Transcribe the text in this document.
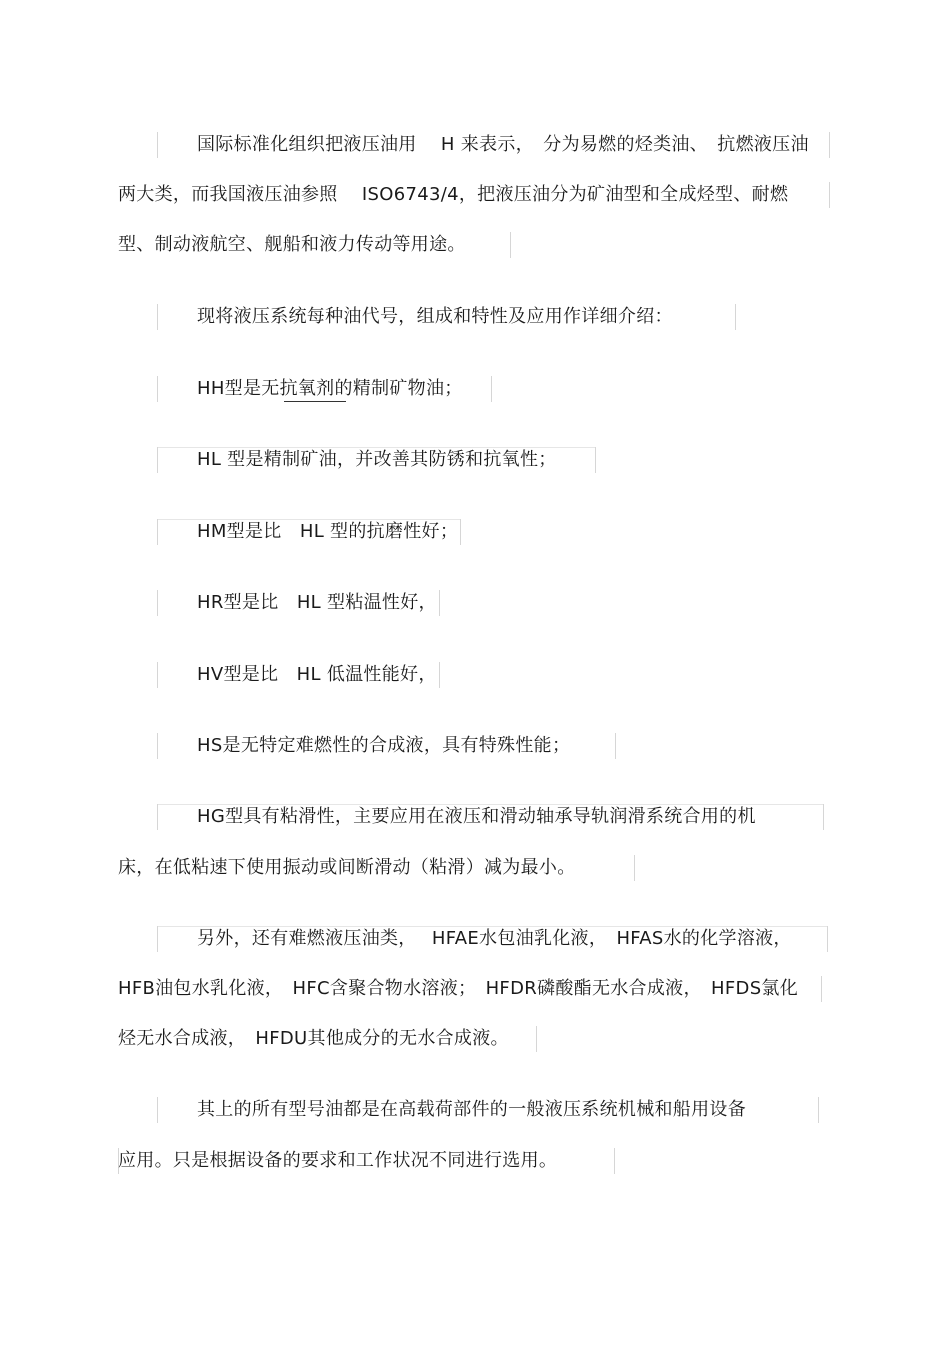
国际标准化组织把液压油用 　H 来表示，　分为易燃的烃类油、　抗燃液压油
两大类，而我国液压油参照 　ISO6743/4，把液压油分为矿油型和全成烃型、耐燃
型、制动液航空、舰船和液力传动等用途。
现将液压系统每种油代号，组成和特性及应用作详细介绍：
HH型是无抗氧剂的精制矿物油；
HL 型是精制矿油，并改善其防锈和抗氧性；
HM型是比　HL 型的抗磨性好；
HR型是比　HL 型粘温性好，
HV型是比　HL 低温性能好，
HS是无特定难燃性的合成液，具有特殊性能；
HG型具有粘滑性，主要应用在液压和滑动轴承导轨润滑系统合用的机
床，在低粘速下使用振动或间断滑动（粘滑）减为最小。
另外，还有难燃液压油类，　 HFAE水包油乳化液，　HFAS水的化学溶液，
HFB油包水乳化液，　HFC含聚合物水溶液；　HFDR磷酸酯无水合成液，　HFDS氯化
烃无水合成液，　HFDU其他成分的无水合成液。
其上的所有型号油都是在高载荷部件的一般液压系统机械和船用设备
应用。只是根据设备的要求和工作状况不同进行选用。
